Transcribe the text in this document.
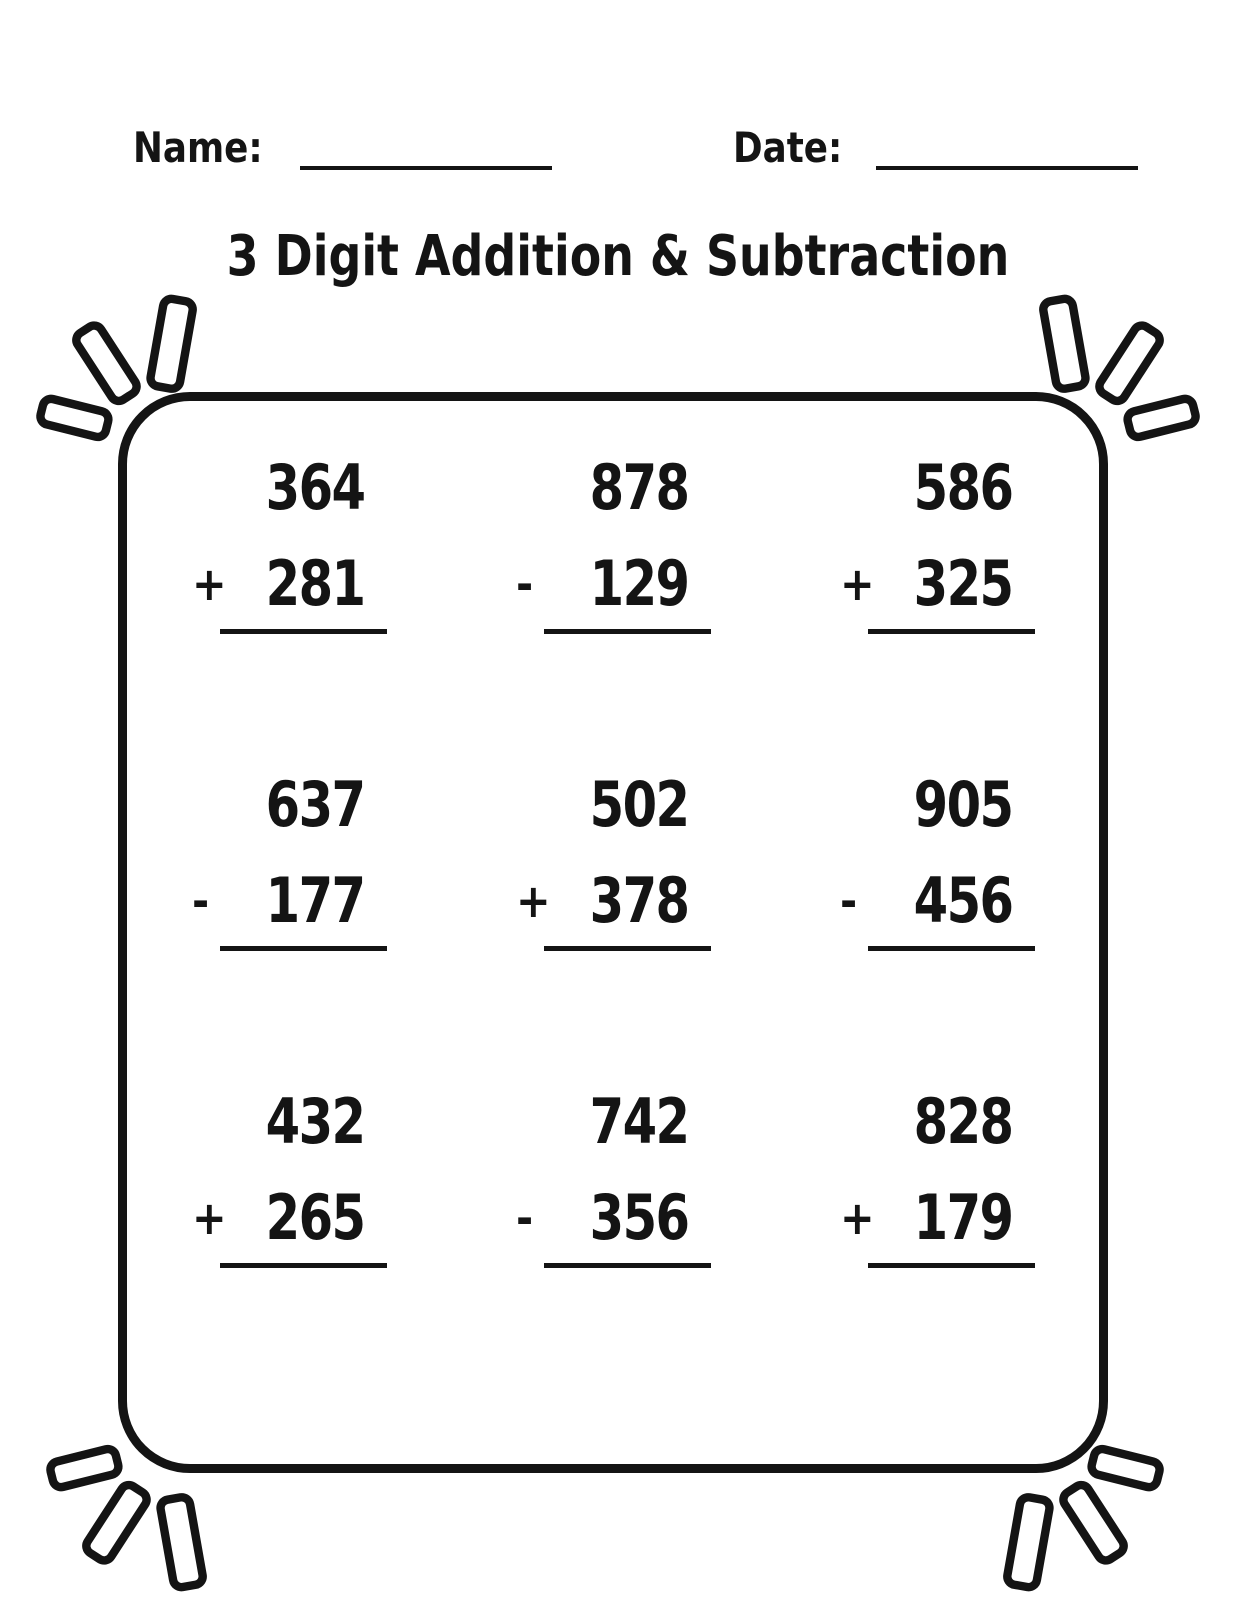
Name:	Date:
3 Digit Addition & Subtraction
364
+ 281
878
- 129
586
+ 325
637
- 177
502
+ 378
905
- 456
432
+ 265
742
- 356
828
+ 179
